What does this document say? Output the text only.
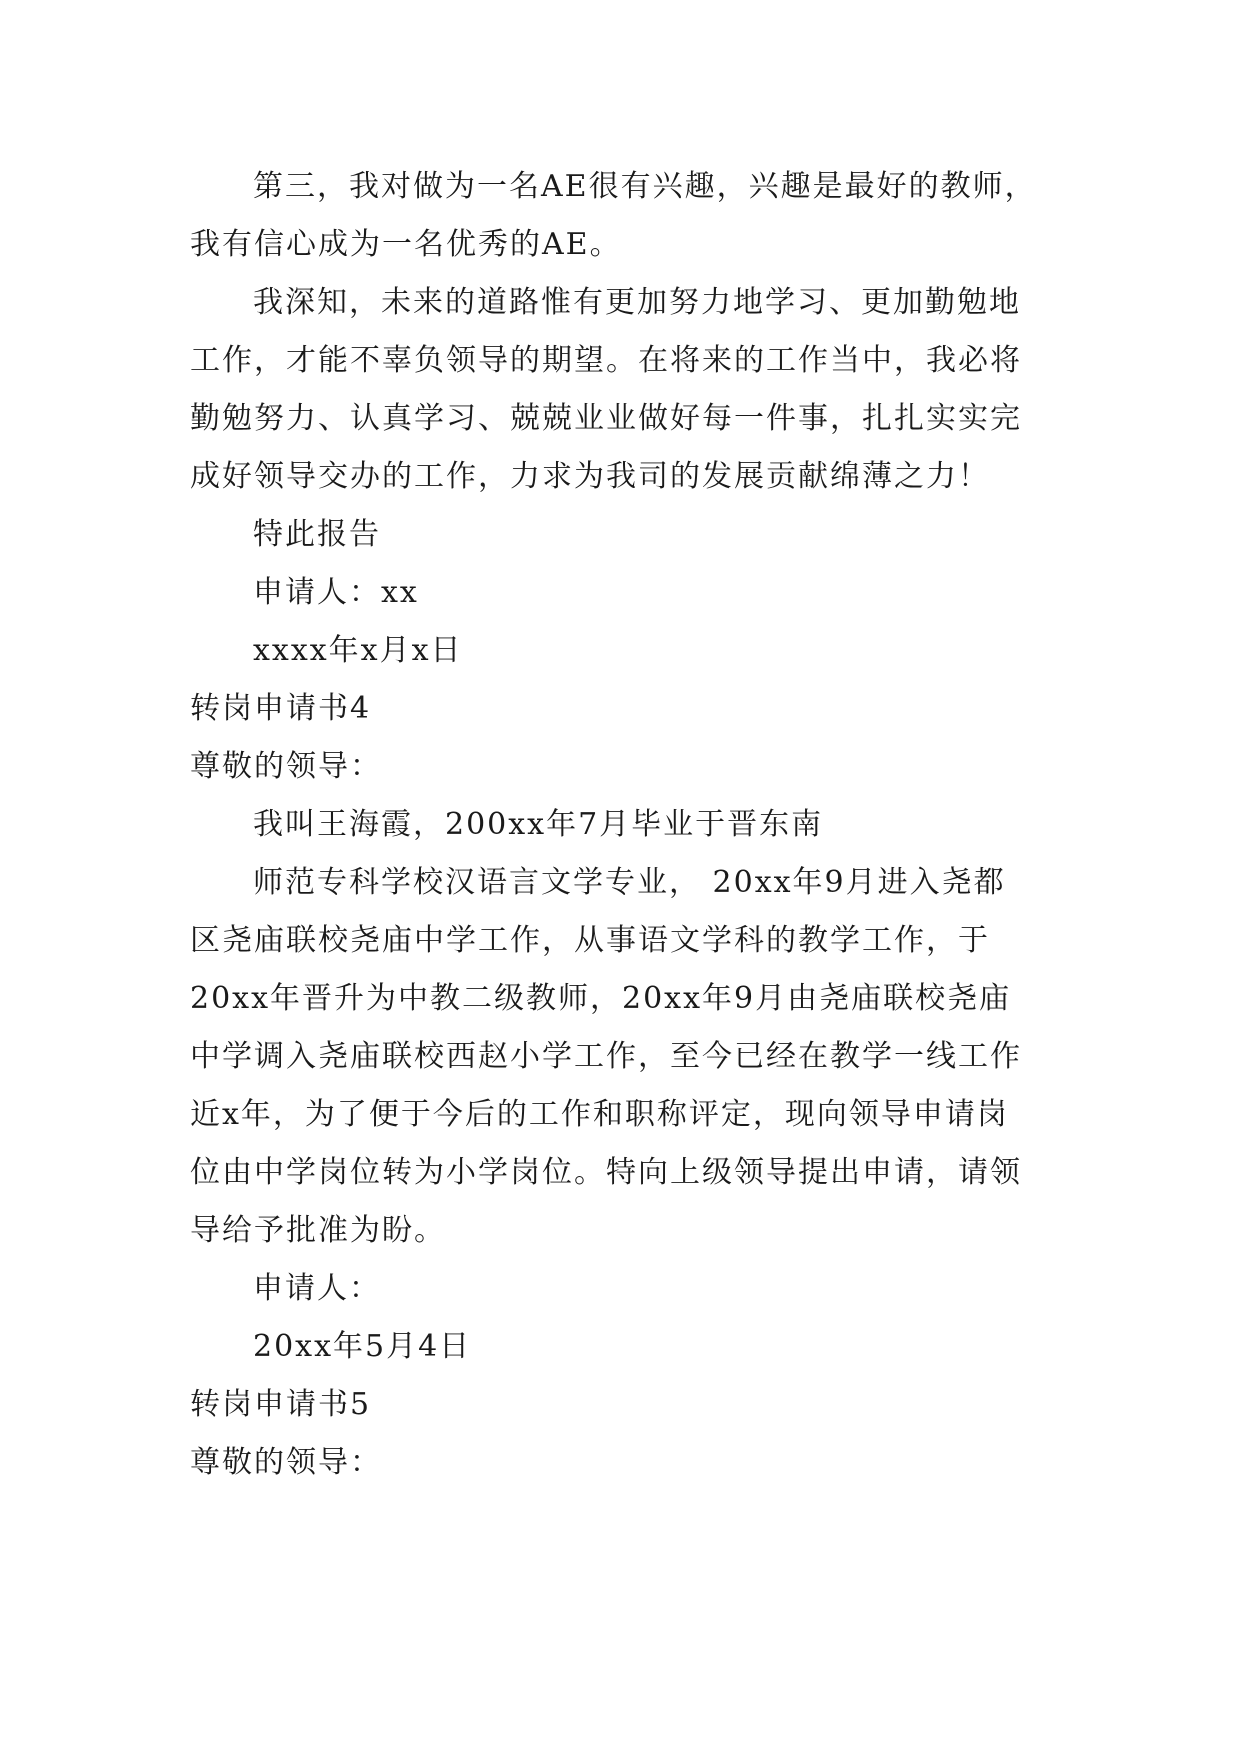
第三，我对做为一名AE很有兴趣，兴趣是最好的教师，
我有信心成为一名优秀的AE。
我深知，未来的道路惟有更加努力地学习、更加勤勉地
工作，才能不辜负领导的期望。在将来的工作当中，我必将
勤勉努力、认真学习、兢兢业业做好每一件事，扎扎实实完
成好领导交办的工作，力求为我司的发展贡献绵薄之力！
特此报告
申请人：xx
xxxx年x月x日
转岗申请书4
尊敬的领导：
我叫王海霞，200xx年7月毕业于晋东南
师范专科学校汉语言文学专业， 20xx年9月进入尧都
区尧庙联校尧庙中学工作，从事语文学科的教学工作，于
20xx年晋升为中教二级教师，20xx年9月由尧庙联校尧庙
中学调入尧庙联校西赵小学工作，至今已经在教学一线工作
近x年，为了便于今后的工作和职称评定，现向领导申请岗
位由中学岗位转为小学岗位。特向上级领导提出申请，请领
导给予批准为盼。
申请人：
20xx年5月4日
转岗申请书5
尊敬的领导：
